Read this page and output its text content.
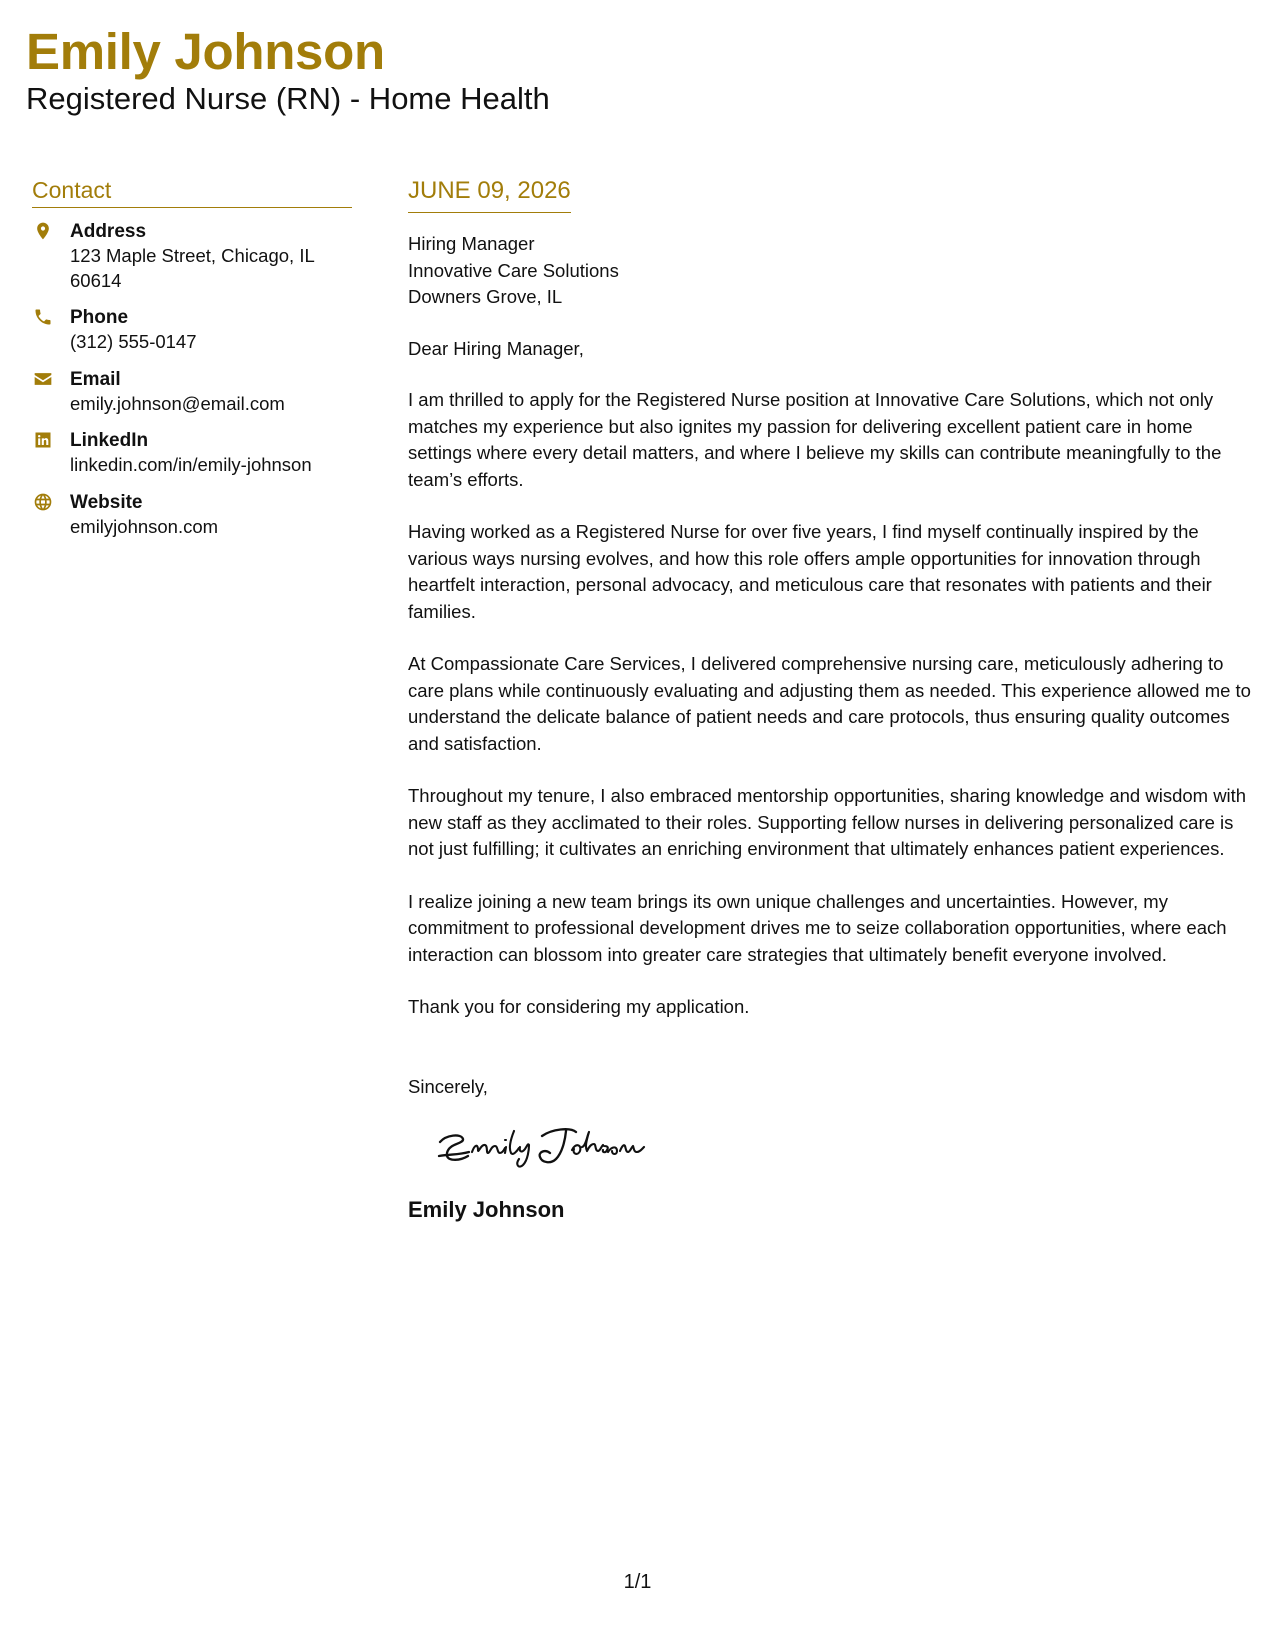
Emily Johnson
Registered Nurse (RN) - Home Health
Contact
Address
123 Maple Street, Chicago, IL
60614
Phone
(312) 555-0147
Email
emily.johnson@email.com
LinkedIn
linkedin.com/in/emily-johnson
Website
emilyjohnson.com
JUNE 09, 2026
Hiring Manager
Innovative Care Solutions
Downers Grove, IL
Dear Hiring Manager,

I am thrilled to apply for the Registered Nurse position at Innovative Care Solutions, which not only matches my experience but also ignites my passion for delivering excellent patient care in home settings where every detail matters, and where I believe my skills can contribute meaningfully to the team’s efforts.

Having worked as a Registered Nurse for over five years, I find myself continually inspired by the various ways nursing evolves, and how this role offers ample opportunities for innovation through heartfelt interaction, personal advocacy, and meticulous care that resonates with patients and their families.

At Compassionate Care Services, I delivered comprehensive nursing care, meticulously adhering to care plans while continuously evaluating and adjusting them as needed. This experience allowed me to understand the delicate balance of patient needs and care protocols, thus ensuring quality outcomes and satisfaction.

Throughout my tenure, I also embraced mentorship opportunities, sharing knowledge and wisdom with new staff as they acclimated to their roles. Supporting fellow nurses in delivering personalized care is not just fulfilling; it cultivates an enriching environment that ultimately enhances patient experiences.

I realize joining a new team brings its own unique challenges and uncertainties. However, my commitment to professional development drives me to seize collaboration opportunities, where each interaction can blossom into greater care strategies that ultimately benefit everyone involved.

Thank you for considering my application.

Sincerely,
Emily Johnson
1/1
